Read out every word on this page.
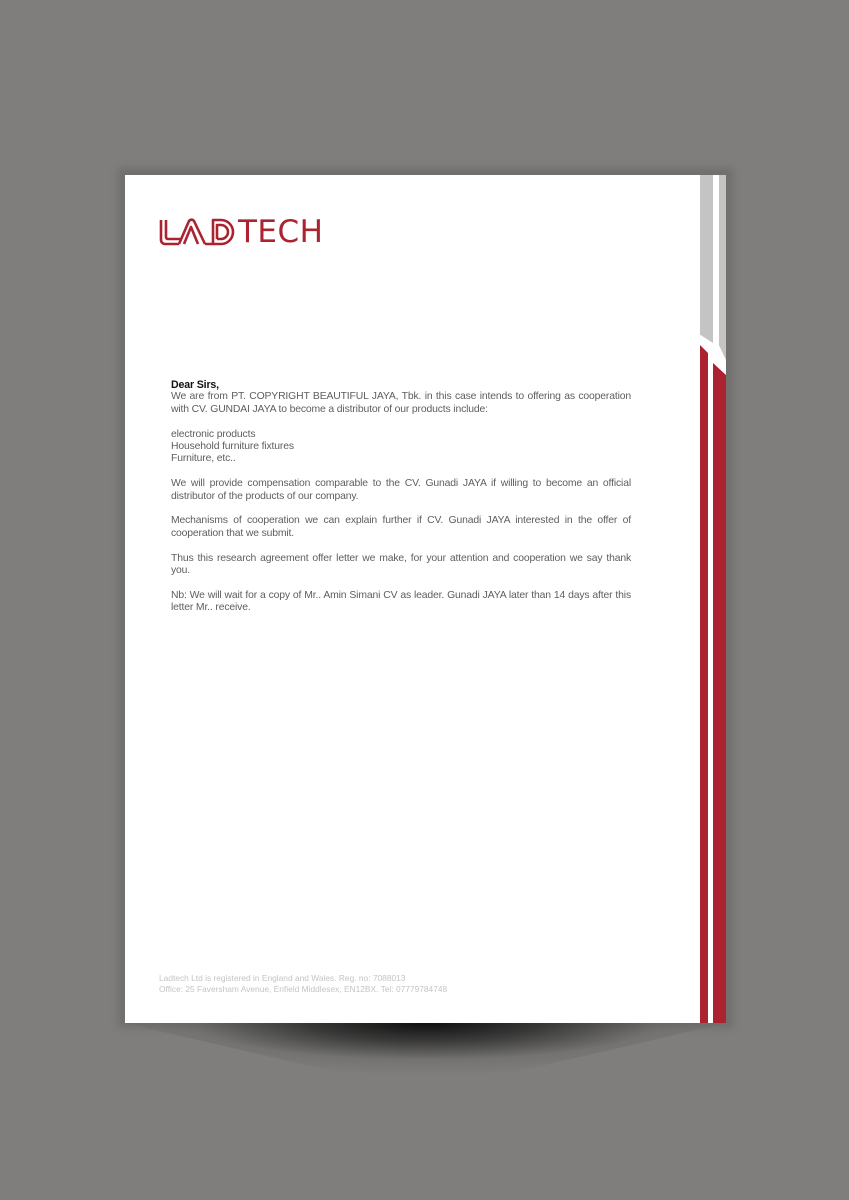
TECH
Dear Sirs,

We are from PT. COPYRIGHT BEAUTIFUL JAYA, Tbk. in this case intends to offering as cooperation with CV. GUNDAI JAYA to become a distributor of our products include:

electronic products
Household furniture fixtures
Furniture, etc..

We will provide compensation comparable to the CV. Gunadi JAYA if willing to become an official distributor of the products of our company.

Mechanisms of cooperation we can explain further if CV. Gunadi JAYA interested in the offer of cooperation that we submit.

Thus this research agreement offer letter we make, for your attention and cooperation we say thank you.

Nb: We will wait for a copy of Mr.. Amin Simani CV as leader. Gunadi JAYA later than 14 days after this letter Mr.. receive.

Ladtech Ltd is registered in England and Wales. Reg. no: 7088013
Office: 25 Faversham Avenue, Enfield Middlesex, EN12BX. Tel: 07779784748
